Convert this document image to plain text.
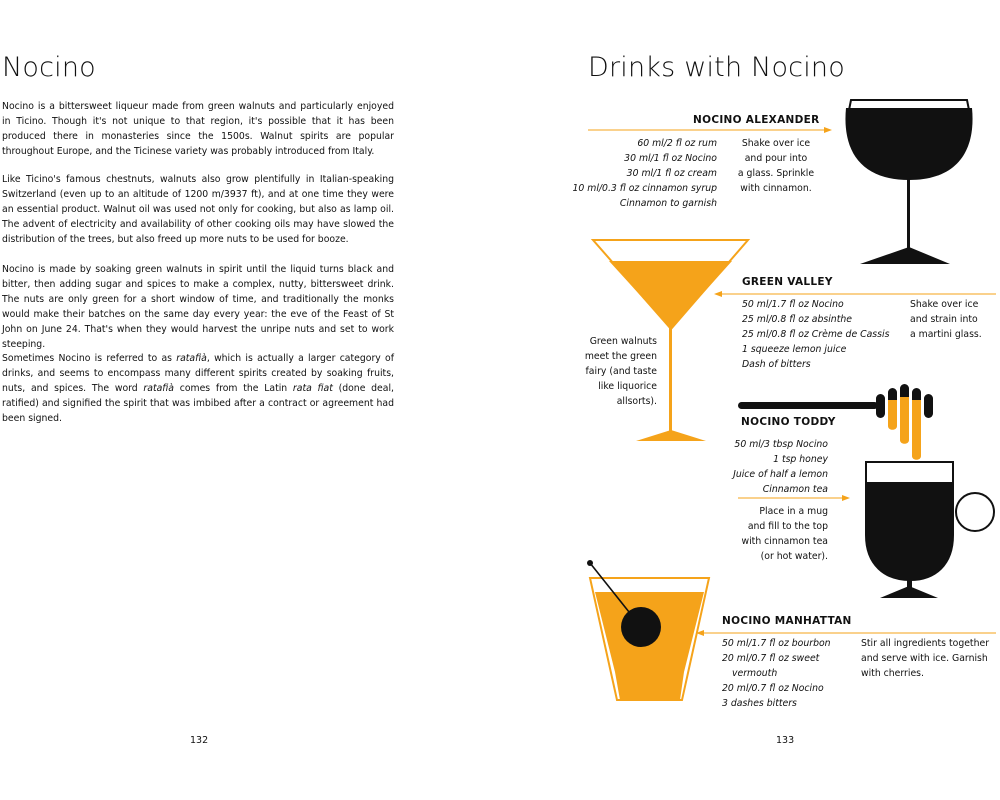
Nocino
Nocino is a bittersweet liqueur made from green walnuts and particularly enjoyed in Ticino. Though it's not unique to that region, it's possible that it has been produced there in monasteries since the 1500s. Walnut spirits are popular throughout Europe, and the Ticinese variety was probably introduced from Italy.
Like Ticino's famous chestnuts, walnuts also grow plentifully in Italian-speaking Switzerland (even up to an altitude of 1200 m/3937 ft), and at one time they were an essential product. Walnut oil was used not only for cooking, but also as lamp oil. The advent of electricity and availability of other cooking oils may have slowed the distribution of the trees, but also freed up more nuts to be used for booze.
Nocino is made by soaking green walnuts in spirit until the liquid turns black and bitter, then adding sugar and spices to make a complex, nutty, bittersweet drink. The nuts are only green for a short window of time, and traditionally the monks would make their batches on the same day every year: the eve of the Feast of St John on June 24. That's when they would harvest the unripe nuts and set to work steeping.
Sometimes Nocino is referred to as ratafià, which is actually a larger category of drinks, and seems to encompass many different spirits created by soaking fruits, nuts, and spices. The word ratafià comes from the Latin rata fiat (done deal, ratified) and signified the spirit that was imbibed after a contract or agreement had been signed.
132
Drinks with Nocino
NOCINO ALEXANDER
60 ml/2 fl oz rum
30 ml/1 fl oz Nocino
30 ml/1 fl oz cream
10 ml/0.3 fl oz cinnamon syrup
Cinnamon to garnish
Shake over ice
and pour into
a glass. Sprinkle
with cinnamon.
GREEN VALLEY
50 ml/1.7 fl oz Nocino
25 ml/0.8 fl oz absinthe
25 ml/0.8 fl oz Crème de Cassis
1 squeeze lemon juice
Dash of bitters
Shake over ice
and strain into
a martini glass.
Green walnuts
meet the green
fairy (and taste
like liquorice
allsorts).
NOCINO TODDY
50 ml/3 tbsp Nocino
1 tsp honey
Juice of half a lemon
Cinnamon tea
Place in a mug
and fill to the top
with cinnamon tea
(or hot water).
NOCINO MANHATTAN
50 ml/1.7 fl oz bourbon
20 ml/0.7 fl oz sweet
vermouth
20 ml/0.7 fl oz Nocino
3 dashes bitters
Stir all ingredients together
and serve with ice. Garnish
with cherries.
133
